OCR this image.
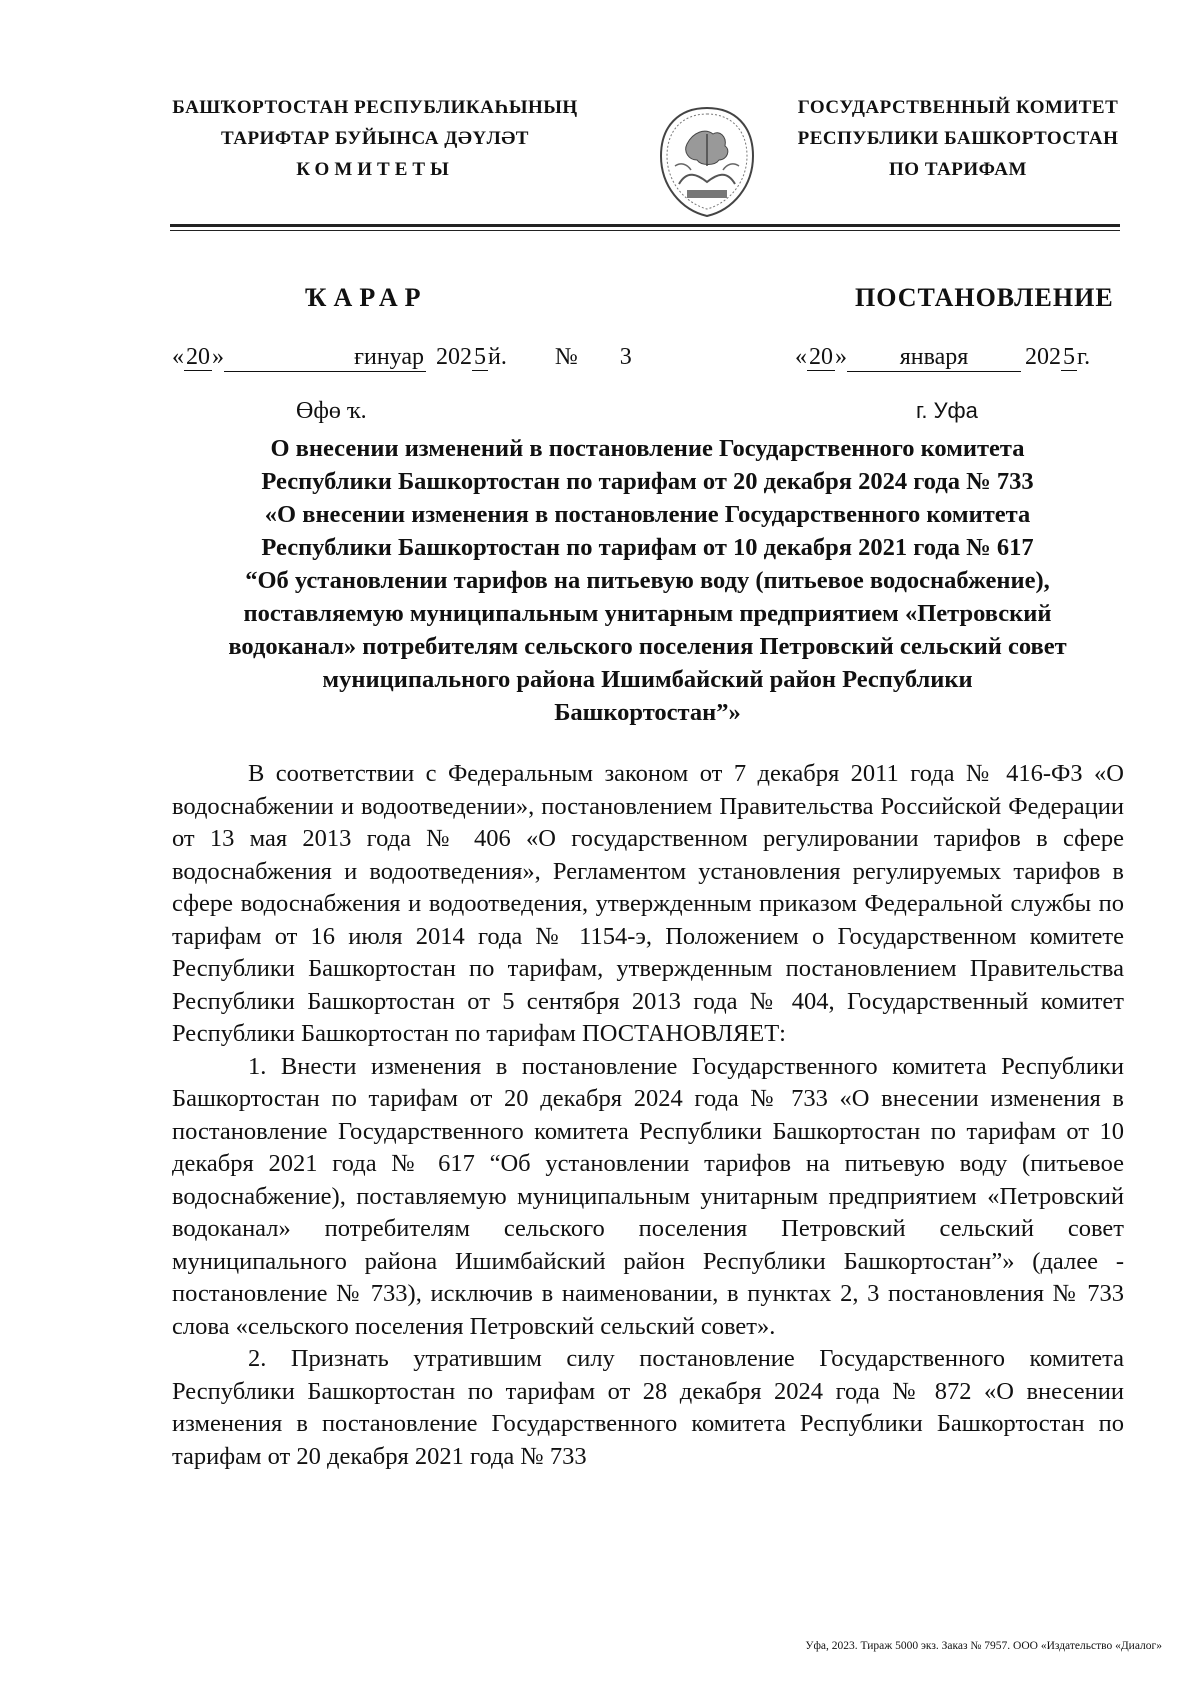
БАШҠОРТОСТАН РЕСПУБЛИКАҺЫНЫҢ
ТАРИФТАР БУЙЫНСА ДӘҮЛӘТ
КОМИТЕТЫ
ГОСУДАРСТВЕННЫЙ КОМИТЕТ
РЕСПУБЛИКИ БАШКОРТОСТАН
ПО ТАРИФАМ
ҠАРАР	ПОСТАНОВЛЕНИЕ
«20»	ғинуар 2025й. № 3	«20» января 2025г.
Өфө ҡ.	г. Уфа
О внесении изменений в постановление Государственного комитета
Республики Башкортостан по тарифам от 20 декабря 2024 года № 733
«О внесении изменения в постановление Государственного комитета
Республики Башкортостан по тарифам от 10 декабря 2021 года № 617
“Об установлении тарифов на питьевую воду (питьевое водоснабжение),
поставляемую муниципальным унитарным предприятием «Петровский
водоканал» потребителям сельского поселения Петровский сельский совет
муниципального района Ишимбайский район Республики
Башкортостан”»

В соответствии с Федеральным законом от 7 декабря 2011 года № 416-ФЗ «О водоснабжении и водоотведении», постановлением Правительства Российской Федерации от 13 мая 2013 года № 406 «О государственном регулировании тарифов в сфере водоснабжения и водоотведения», Регламентом установления регулируемых тарифов в сфере водоснабжения и водоотведения, утвержденным приказом Федеральной службы по тарифам от 16 июля 2014 года № 1154-э, Положением о Государственном комитете Республики Башкортостан по тарифам, утвержденным постановлением Правительства Республики Башкортостан от 5 сентября 2013 года № 404, Государственный комитет Республики Башкортостан по тарифам ПОСТАНОВЛЯЕТ:

1. Внести изменения в постановление Государственного комитета Республики Башкортостан по тарифам от 20 декабря 2024 года № 733 «О внесении изменения в постановление Государственного комитета Республики Башкортостан по тарифам от 10 декабря 2021 года № 617 “Об установлении тарифов на питьевую воду (питьевое водоснабжение), поставляемую муниципальным унитарным предприятием «Петровский водоканал» потребителям сельского поселения Петровский сельский совет муниципального района Ишимбайский район Республики Башкортостан”» (далее - постановление № 733), исключив в наименовании, в пунктах 2, 3 постановления № 733 слова «сельского поселения Петровский сельский совет».

2. Признать утратившим силу постановление Государственного комитета Республики Башкортостан по тарифам от 28 декабря 2024 года № 872 «О внесении изменения в постановление Государственного комитета Республики Башкортостан по тарифам от 20 декабря 2021 года № 733

Уфа, 2023. Тираж 5000 экз. Заказ № 7957. ООО «Издательство «Диалог»
